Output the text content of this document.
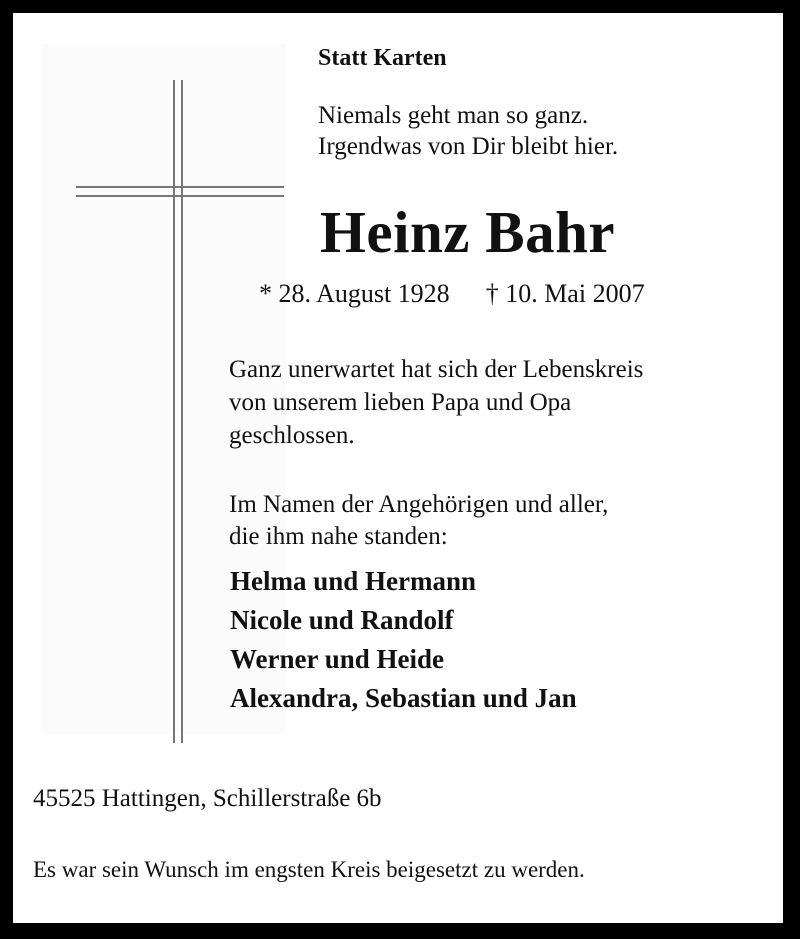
Statt Karten
Niemals geht man so ganz.
Irgendwas von Dir bleibt hier.
Heinz Bahr
* 28. August 1928 † 10. Mai 2007
Ganz unerwartet hat sich der Lebenskreis
von unserem lieben Papa und Opa
geschlossen.
Im Namen der Angehörigen und aller,
die ihm nahe standen:
Helma und Hermann
Nicole und Randolf
Werner und Heide
Alexandra, Sebastian und Jan
45525 Hattingen, Schillerstraße 6b
Es war sein Wunsch im engsten Kreis beigesetzt zu werden.
